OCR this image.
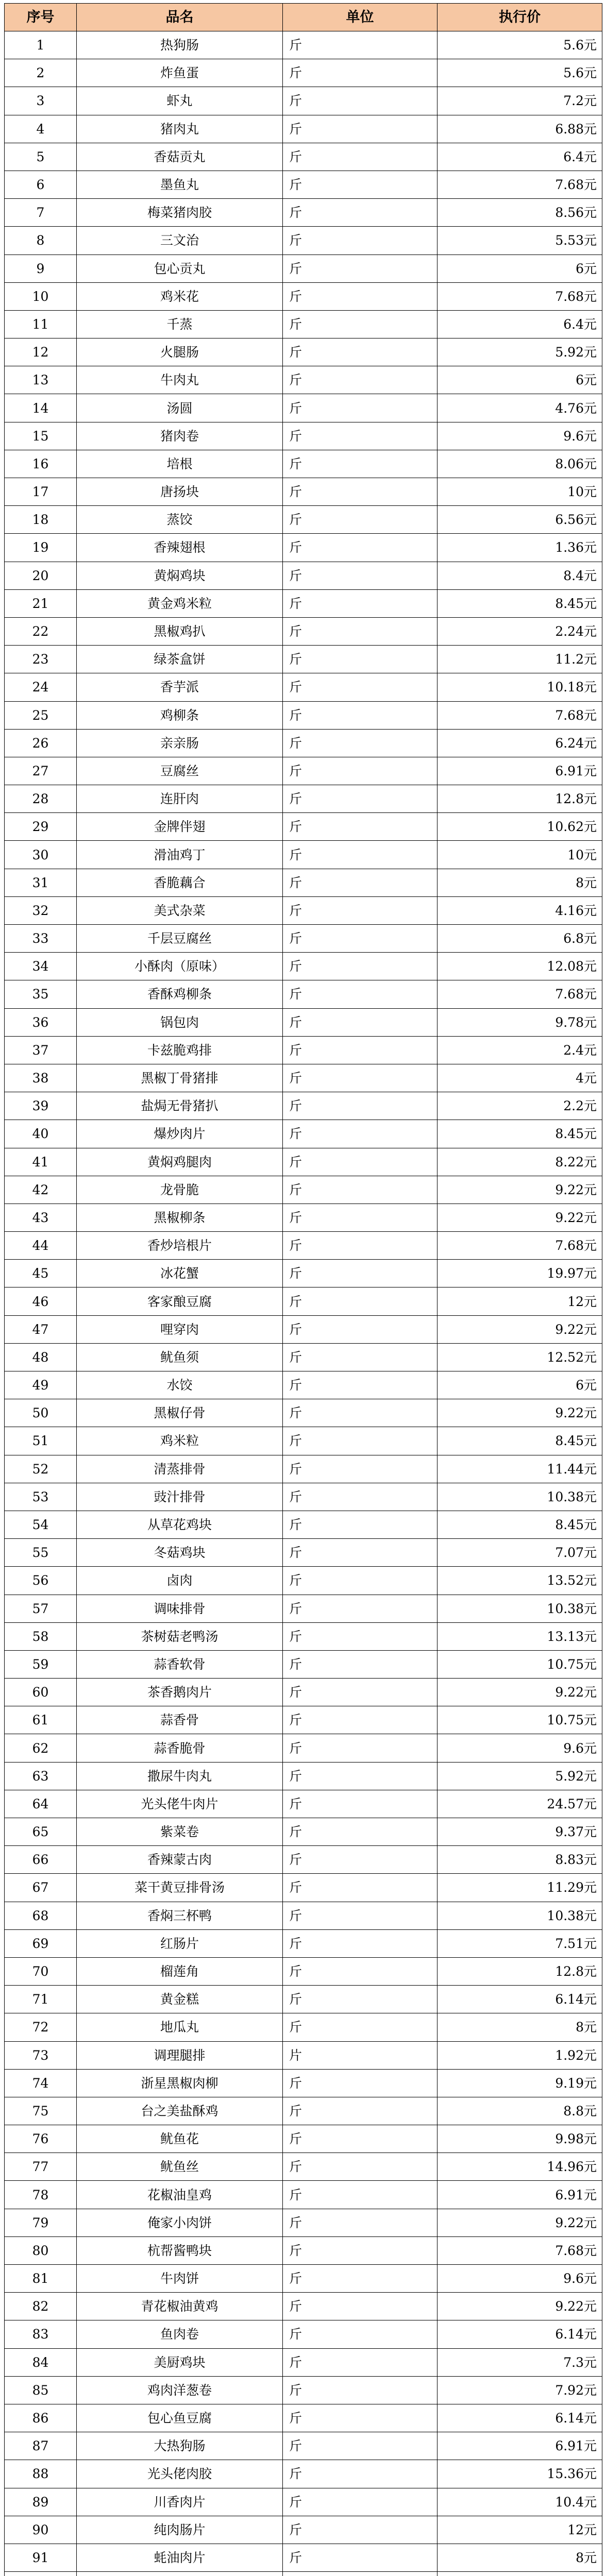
序号	品名	单位	执行价
1	热狗肠	斤	5.6元
2	炸鱼蛋	斤	5.6元
3	虾丸	斤	7.2元
4	猪肉丸	斤	6.88元
5	香菇贡丸	斤	6.4元
6	墨鱼丸	斤	7.68元
7	梅菜猪肉胶	斤	8.56元
8	三文治	斤	5.53元
9	包心贡丸	斤	6元
10	鸡米花	斤	7.68元
11	千蒸	斤	6.4元
12	火腿肠	斤	5.92元
13	牛肉丸	斤	6元
14	汤圆	斤	4.76元
15	猪肉卷	斤	9.6元
16	培根	斤	8.06元
17	唐扬块	斤	10元
18	蒸饺	斤	6.56元
19	香辣翅根	斤	1.36元
20	黄焖鸡块	斤	8.4元
21	黄金鸡米粒	斤	8.45元
22	黑椒鸡扒	斤	2.24元
23	绿茶盒饼	斤	11.2元
24	香芋派	斤	10.18元
25	鸡柳条	斤	7.68元
26	亲亲肠	斤	6.24元
27	豆腐丝	斤	6.91元
28	连肝肉	斤	12.8元
29	金牌伴翅	斤	10.62元
30	滑油鸡丁	斤	10元
31	香脆藕合	斤	8元
32	美式杂菜	斤	4.16元
33	千层豆腐丝	斤	6.8元
34	小酥肉（原味）	斤	12.08元
35	香酥鸡柳条	斤	7.68元
36	锅包肉	斤	9.78元
37	卡兹脆鸡排	斤	2.4元
38	黑椒丁骨猪排	斤	4元
39	盐焗无骨猪扒	斤	2.2元
40	爆炒肉片	斤	8.45元
41	黄焖鸡腿肉	斤	8.22元
42	龙骨脆	斤	9.22元
43	黑椒柳条	斤	9.22元
44	香炒培根片	斤	7.68元
45	冰花蟹	斤	19.97元
46	客家酿豆腐	斤	12元
47	哩穿肉	斤	9.22元
48	鱿鱼须	斤	12.52元
49	水饺	斤	6元
50	黑椒仔骨	斤	9.22元
51	鸡米粒	斤	8.45元
52	清蒸排骨	斤	11.44元
53	豉汁排骨	斤	10.38元
54	从草花鸡块	斤	8.45元
55	冬菇鸡块	斤	7.07元
56	卤肉	斤	13.52元
57	调味排骨	斤	10.38元
58	茶树菇老鸭汤	斤	13.13元
59	蒜香软骨	斤	10.75元
60	茶香鹅肉片	斤	9.22元
61	蒜香骨	斤	10.75元
62	蒜香脆骨	斤	9.6元
63	撒尿牛肉丸	斤	5.92元
64	光头佬牛肉片	斤	24.57元
65	紫菜卷	斤	9.37元
66	香辣蒙古肉	斤	8.83元
67	菜干黄豆排骨汤	斤	11.29元
68	香焖三杯鸭	斤	10.38元
69	红肠片	斤	7.51元
70	榴莲角	斤	12.8元
71	黄金糕	斤	6.14元
72	地瓜丸	斤	8元
73	调理腿排	片	1.92元
74	浙星黑椒肉柳	斤	9.19元
75	台之美盐酥鸡	斤	8.8元
76	鱿鱼花	斤	9.98元
77	鱿鱼丝	斤	14.96元
78	花椒油皇鸡	斤	6.91元
79	俺家小肉饼	斤	9.22元
80	杭帮酱鸭块	斤	7.68元
81	牛肉饼	斤	9.6元
82	青花椒油黄鸡	斤	9.22元
83	鱼肉卷	斤	6.14元
84	美厨鸡块	斤	7.3元
85	鸡肉洋葱卷	斤	7.92元
86	包心鱼豆腐	斤	6.14元
87	大热狗肠	斤	6.91元
88	光头佬肉胶	斤	15.36元
89	川香肉片	斤	10.4元
90	纯肉肠片	斤	12元
91	蚝油肉片	斤	8元
